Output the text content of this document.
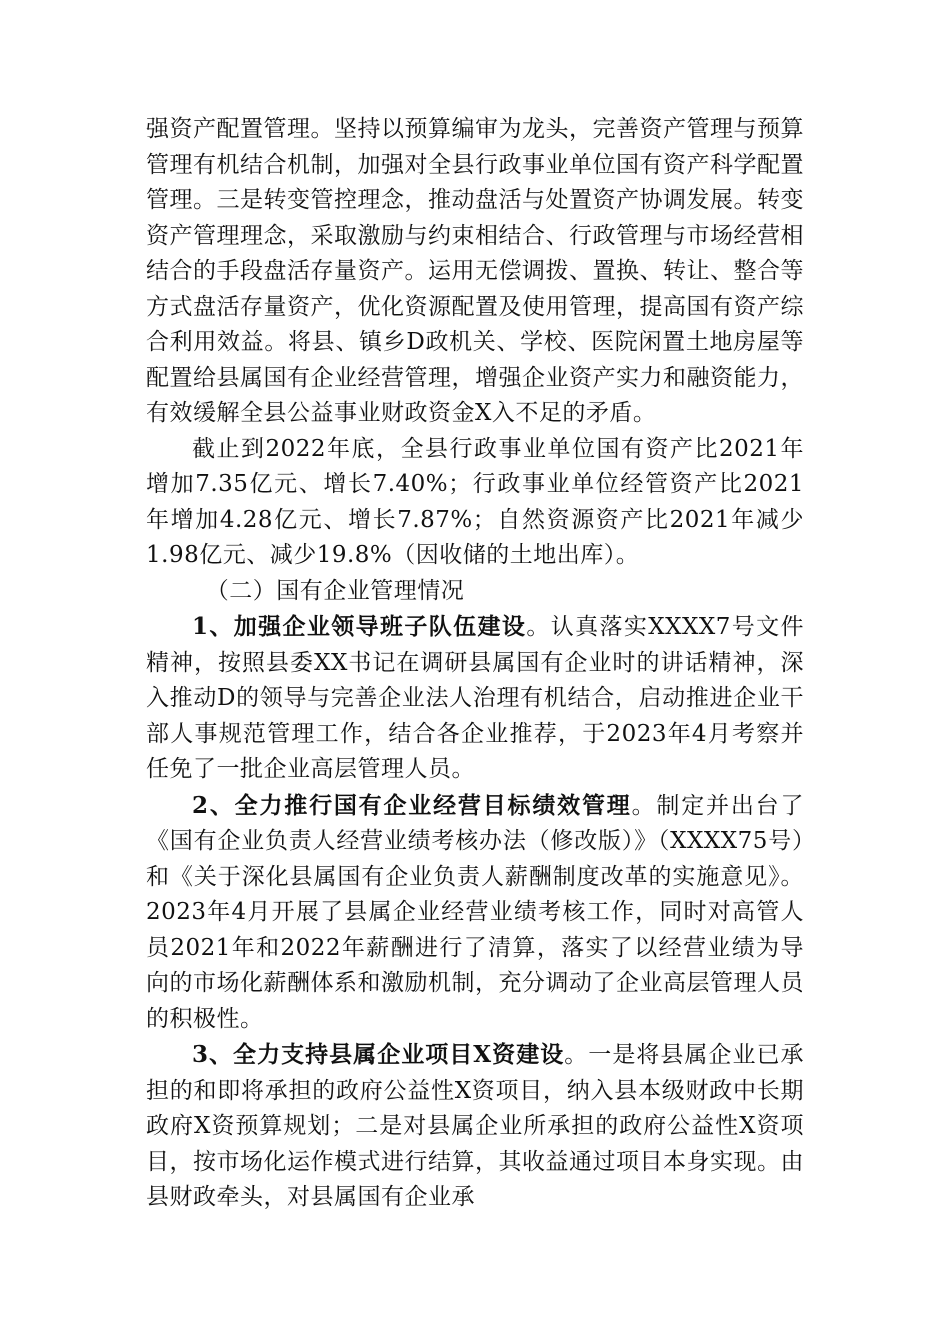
强资产配置管理。坚持以预算编审为龙头，完善资产管理与预算管理有机结合机制，加强对全县行政事业单位国有资产科学配置管理。三是转变管控理念，推动盘活与处置资产协调发展。转变资产管理理念，采取激励与约束相结合、行政管理与市场经营相结合的手段盘活存量资产。运用无偿调拨、置换、转让、整合等方式盘活存量资产，优化资源配置及使用管理，提高国有资产综合利用效益。将县、镇乡D政机关、学校、医院闲置土地房屋等配置给县属国有企业经营管理，增强企业资产实力和融资能力，有效缓解全县公益事业财政资金X入不足的矛盾。

截止到2022年底，全县行政事业单位国有资产比2021年增加7.35亿元、增长7.40%；行政事业单位经管资产比2021年增加4.28亿元、增长7.87%；自然资源资产比2021年减少1.98亿元、减少19.8%（因收储的土地出库）。

（二）国有企业管理情况

1、加强企业领导班子队伍建设。认真落实XXXX7号文件精神，按照县委XX书记在调研县属国有企业时的讲话精神，深入推动D的领导与完善企业法人治理有机结合，启动推进企业干部人事规范管理工作，结合各企业推荐，于2023年4月考察并任免了一批企业高层管理人员。

2、全力推行国有企业经营目标绩效管理。制定并出台了《国有企业负责人经营业绩考核办法（修改版）》（XXXX75号）和《关于深化县属国有企业负责人薪酬制度改革的实施意见》。2023年4月开展了县属企业经营业绩考核工作，同时对高管人员2021年和2022年薪酬进行了清算，落实了以经营业绩为导向的市场化薪酬体系和激励机制，充分调动了企业高层管理人员的积极性。

3、全力支持县属企业项目X资建设。一是将县属企业已承担的和即将承担的政府公益性X资项目，纳入县本级财政中长期政府X资预算规划；二是对县属企业所承担的政府公益性X资项目，按市场化运作模式进行结算，其收益通过项目本身实现。由县财政牵头，对县属国有企业承
